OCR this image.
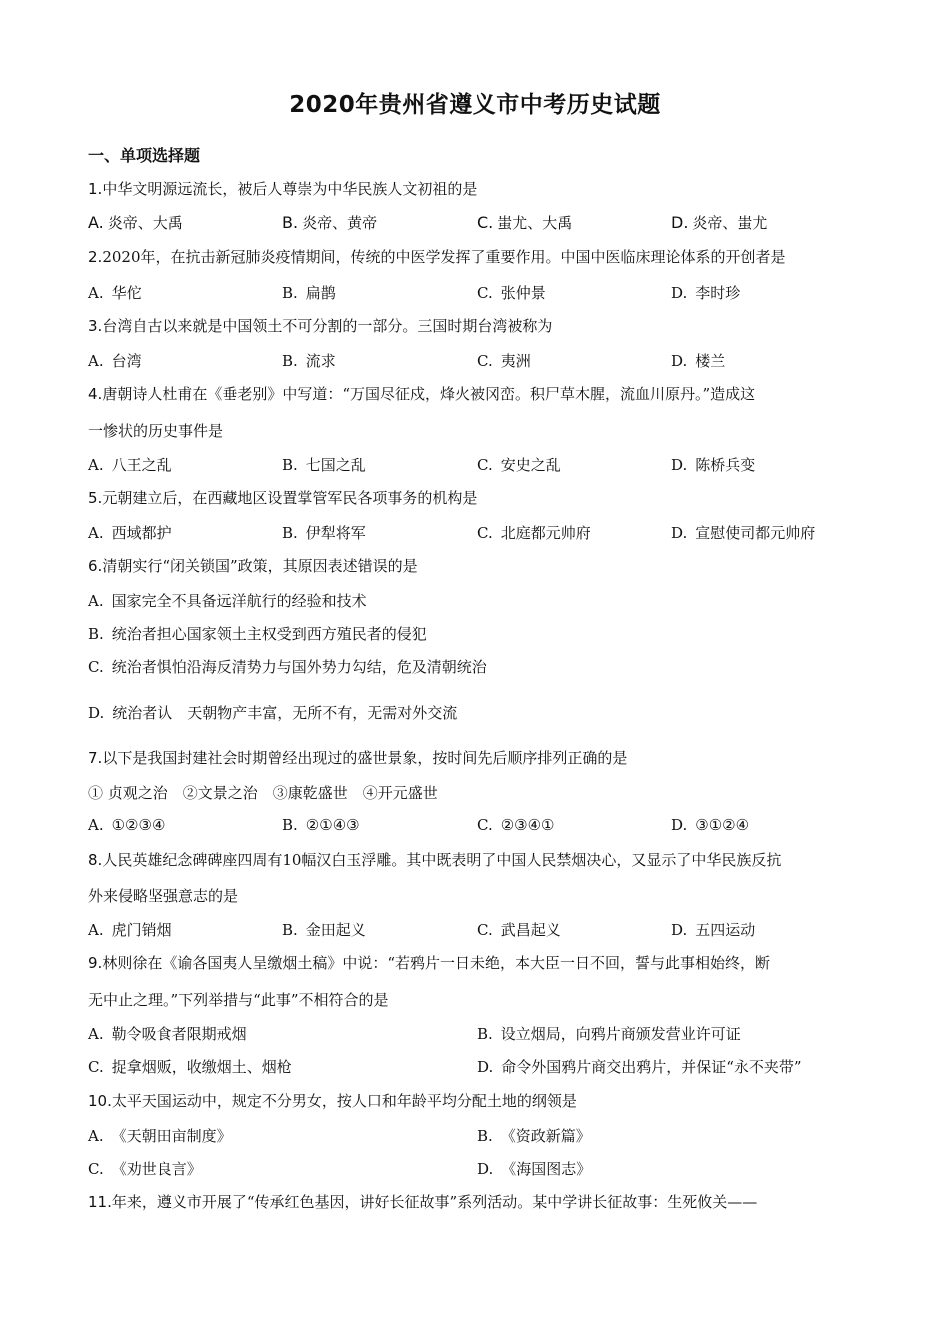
2020年贵州省遵义市中考历史试题
一、单项选择题
1.中华文明源远流长，被后人尊崇为中华民族人文初祖的是
A. 炎帝、大禹	B. 炎帝、黄帝	C. 蚩尤、大禹	D. 炎帝、蚩尤
2.2020年，在抗击新冠肺炎疫情期间，传统的中医学发挥了重要作用。中国中医临床理论体系的开创者是
A. 华佗	B. 扁鹊	C. 张仲景	D. 李时珍
3.台湾自古以来就是中国领土不可分割的一部分。三国时期台湾被称为
A. 台湾	B. 流求	C. 夷洲	D. 楼兰
4.唐朝诗人杜甫在《垂老别》中写道：“万国尽征戍，烽火被冈峦。积尸草木腥，流血川原丹。”造成这
一惨状的历史事件是
A. 八王之乱	B. 七国之乱	C. 安史之乱	D. 陈桥兵变
5.元朝建立后，在西藏地区设置掌管军民各项事务的机构是
A. 西域都护	B. 伊犁将军	C. 北庭都元帅府	D. 宣慰使司都元帅府
6.清朝实行“闭关锁国”政策，其原因表述错误的是
A. 国家完全不具备远洋航行的经验和技术
B. 统治者担心国家领土主权受到西方殖民者的侵犯
C. 统治者惧怕沿海反清势力与国外势力勾结，危及清朝统治
D. 统治者认　天朝物产丰富，无所不有，无需对外交流
7.以下是我国封建社会时期曾经出现过的盛世景象，按时间先后顺序排列正确的是
① 贞观之治　②文景之治　③康乾盛世　④开元盛世
A. ①②③④	B. ②①④③	C. ②③④①	D. ③①②④
8.人民英雄纪念碑碑座四周有10幅汉白玉浮雕。其中既表明了中国人民禁烟决心，又显示了中华民族反抗
外来侵略坚强意志的是
A. 虎门销烟	B. 金田起义	C. 武昌起义	D. 五四运动
9.林则徐在《谕各国夷人呈缴烟土稿》中说：“若鸦片一日未绝，本大臣一日不回，誓与此事相始终，断
无中止之理。”下列举措与“此事”不相符合的是
A. 勒令吸食者限期戒烟	B. 设立烟局，向鸦片商颁发营业许可证
C. 捉拿烟贩，收缴烟土、烟枪	D. 命令外国鸦片商交出鸦片，并保证“永不夹带”
10.太平天国运动中，规定不分男女，按人口和年龄平均分配土地的纲领是
A. 《天朝田亩制度》	B. 《资政新篇》
C. 《劝世良言》	D. 《海国图志》
11.年来，遵义市开展了“传承红色基因，讲好长征故事”系列活动。某中学讲长征故事：生死攸关——
